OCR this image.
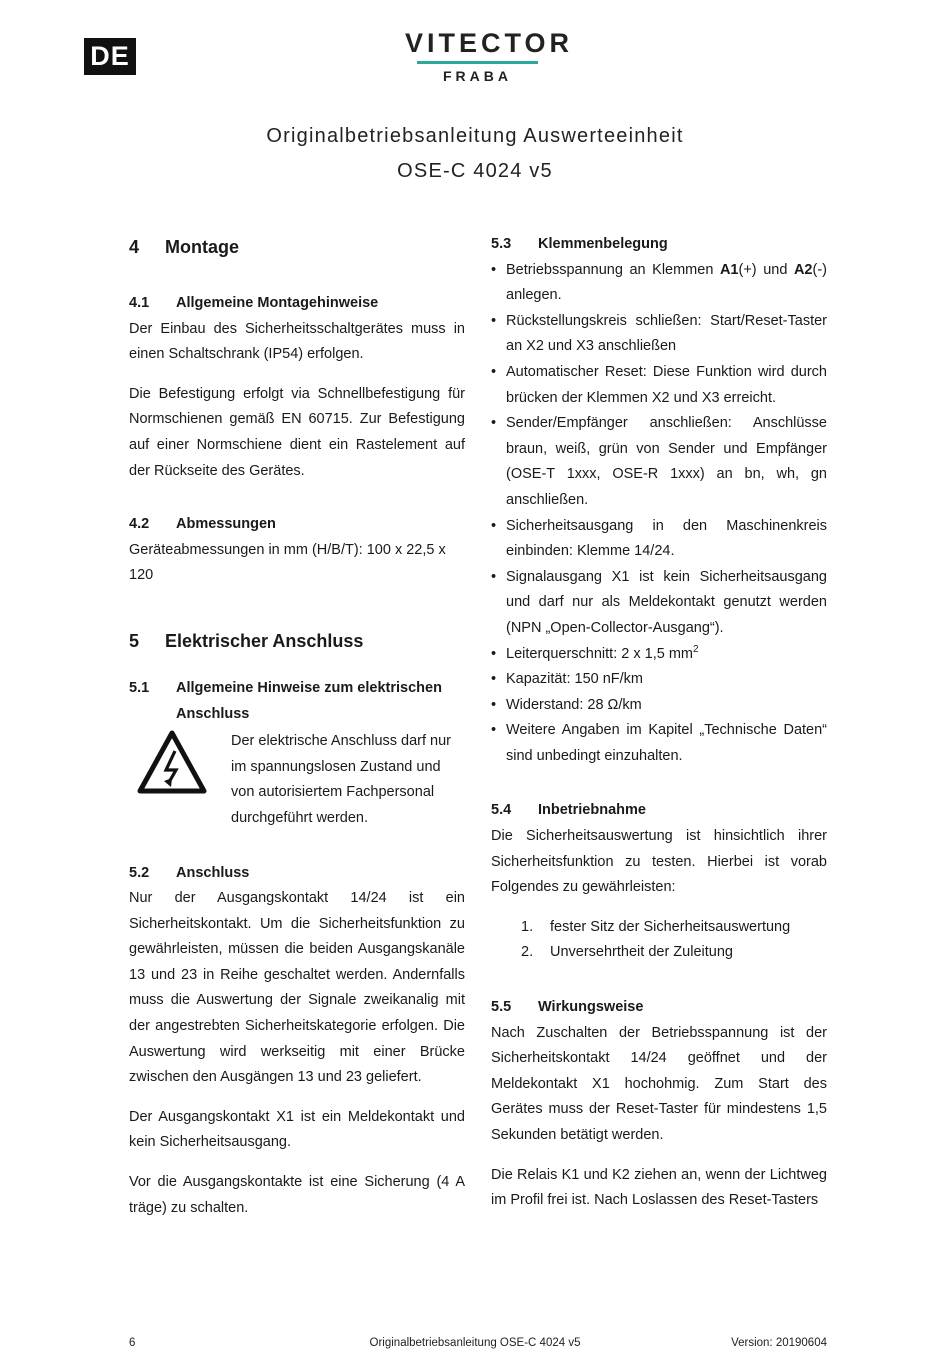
DE	VITECTOR
FRABA
Originalbetriebsanleitung Auswerteeinheit
OSE-C 4024 v5
4	Montage
4.1	Allgemeine Montagehinweise

Der Einbau des Sicherheitsschaltgerätes muss in einen Schaltschrank (IP54) erfolgen.

Die Befestigung erfolgt via Schnellbefestigung für Normschienen gemäß EN 60715. Zur Befestigung auf einer Normschiene dient ein Rastelement auf der Rückseite des Gerätes.

4.2	Abmessungen

Geräteabmessungen in mm (H/B/T): 100 x 22,5 x 120

5	Elektrischer Anschluss
5.1	Allgemeine Hinweise zum elektrischen Anschluss
Der elektrische Anschluss darf nur im spannungslosen Zustand und von autorisiertem Fachpersonal durchgeführt werden.
5.2	Anschluss

Nur der Ausgangskontakt 14/24 ist ein Sicherheitskontakt. Um die Sicherheitsfunktion zu gewährleisten, müssen die beiden Ausgangskanäle 13 und 23 in Reihe geschaltet werden. Andernfalls muss die Auswertung der Signale zweikanalig mit der angestrebten Sicherheitskategorie erfolgen. Die Auswertung wird werkseitig mit einer Brücke zwischen den Ausgängen 13 und 23 geliefert.

Der Ausgangskontakt X1 ist ein Meldekontakt und kein Sicherheitsausgang.

Vor die Ausgangskontakte ist eine Sicherung (4 A träge) zu schalten.

5.3	Klemmenbelegung
• Betriebsspannung an Klemmen A1(+) und A2(-) anlegen.
• Rückstellungskreis schließen: Start/Reset-Taster an X2 und X3 anschließen
• Automatischer Reset: Diese Funktion wird durch brücken der Klemmen X2 und X3 erreicht.
• Sender/Empfänger anschließen: Anschlüsse braun, weiß, grün von Sender und Empfänger (OSE-T 1xxx, OSE-R 1xxx) an bn, wh, gn anschließen.
• Sicherheitsausgang in den Maschinenkreis einbinden: Klemme 14/24.
• Signalausgang X1 ist kein Sicherheitsausgang und darf nur als Meldekontakt genutzt werden (NPN „Open-Collector-Ausgang“).
• Leiterquerschnitt: 2 x 1,5 $mm^2$
• Kapazität: 150 nF/km
• Widerstand: 28 Ω/km
• Weitere Angaben im Kapitel „Technische Daten“ sind unbedingt einzuhalten.
5.4	Inbetriebnahme

Die Sicherheitsauswertung ist hinsichtlich ihrer Sicherheitsfunktion zu testen. Hierbei ist vorab Folgendes zu gewährleisten:

1.	fester Sitz der Sicherheitsauswertung
2.	Unversehrtheit der Zuleitung
5.5	Wirkungsweise

Nach Zuschalten der Betriebsspannung ist der Sicherheitskontakt 14/24 geöffnet und der Meldekontakt X1 hochohmig. Zum Start des Gerätes muss der Reset-Taster für mindestens 1,5 Sekunden betätigt werden.

Die Relais K1 und K2 ziehen an, wenn der Lichtweg im Profil frei ist. Nach Loslassen des Reset-Tasters

6	Originalbetriebsanleitung OSE-C 4024 v5	Version: 20190604
